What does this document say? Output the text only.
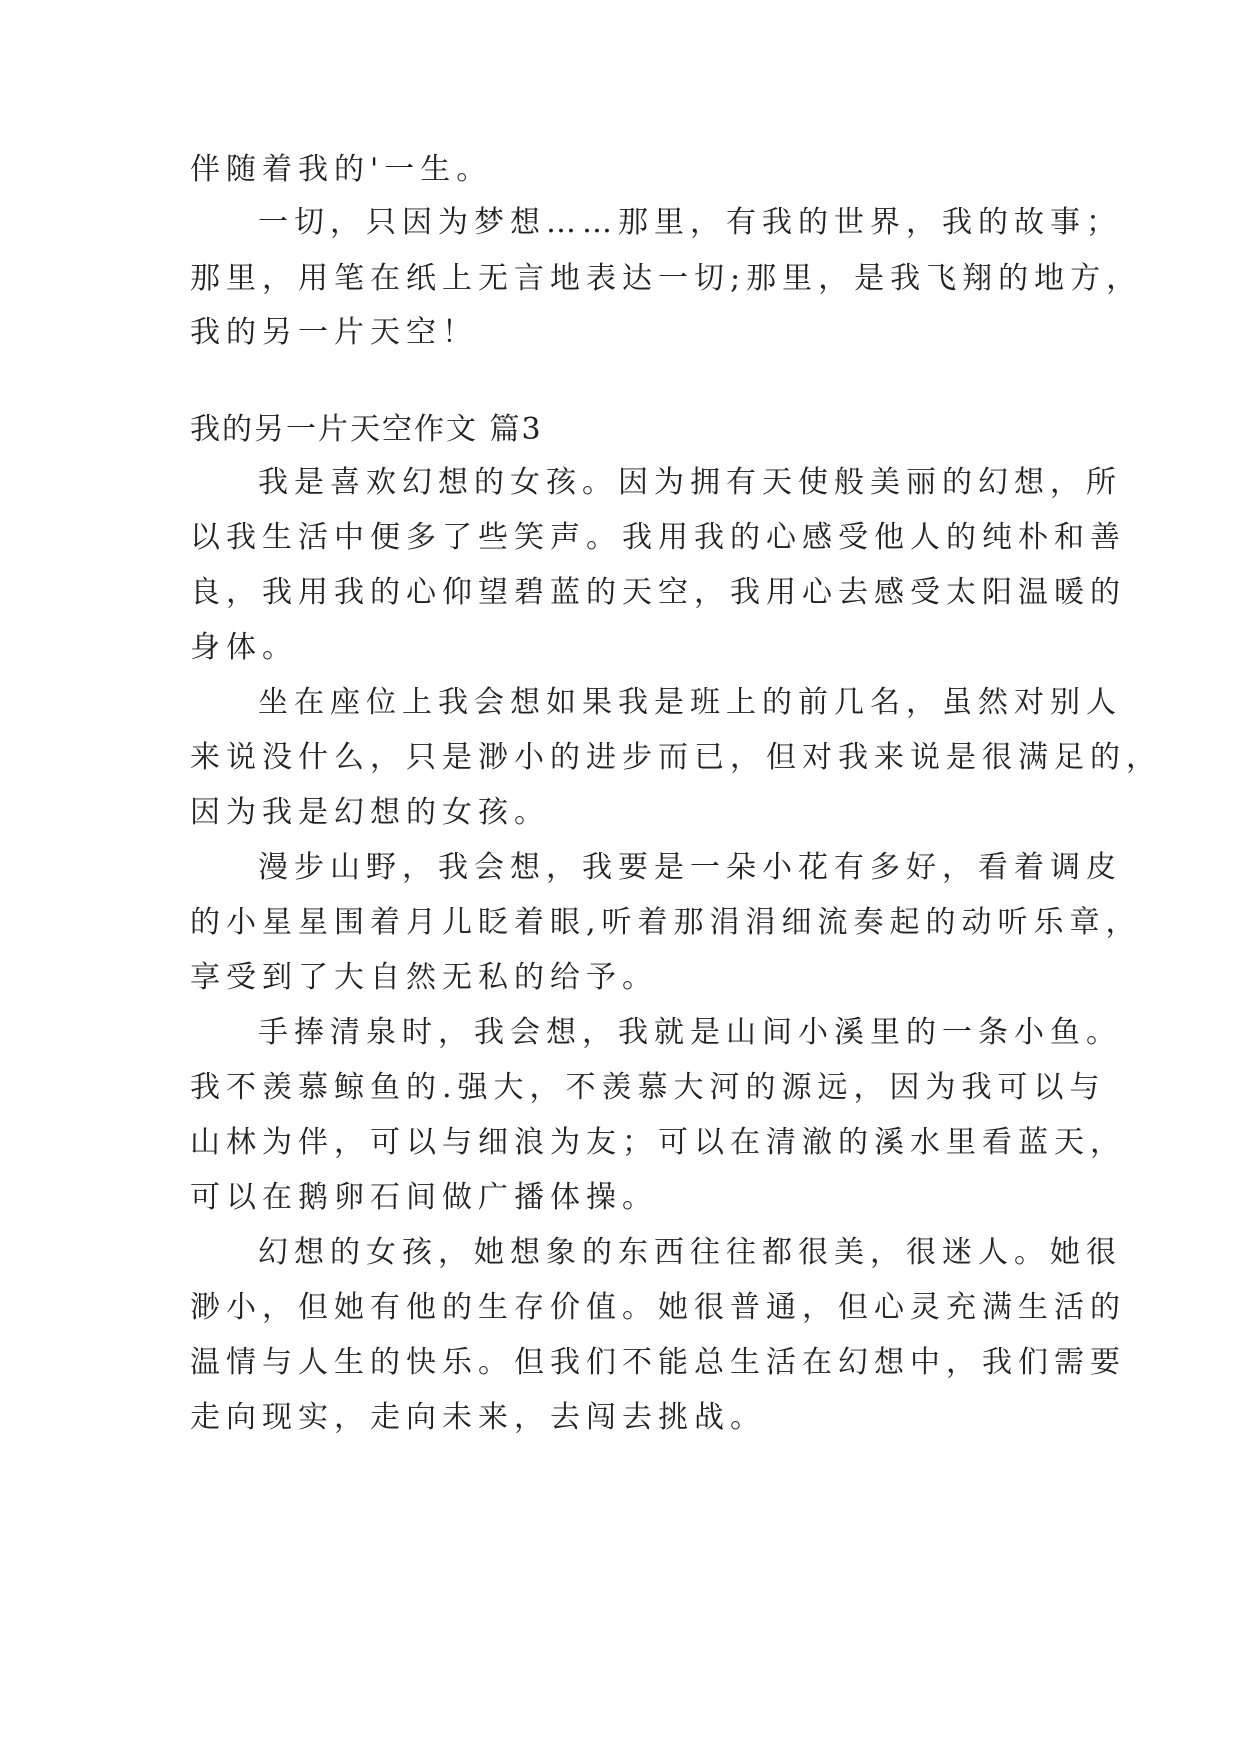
伴随着我的'一生。
一切，只因为梦想……那里，有我的世界，我的故事；
那里，用笔在纸上无言地表达一切;那里，是我飞翔的地方，
我的另一片天空！
我的另一片天空作文 篇3
我是喜欢幻想的女孩。因为拥有天使般美丽的幻想，所
以我生活中便多了些笑声。我用我的心感受他人的纯朴和善
良，我用我的心仰望碧蓝的天空，我用心去感受太阳温暖的
身体。
坐在座位上我会想如果我是班上的前几名，虽然对别人
来说没什么，只是渺小的进步而已，但对我来说是很满足的，
因为我是幻想的女孩。
漫步山野，我会想，我要是一朵小花有多好，看着调皮
的小星星围着月儿眨着眼,听着那涓涓细流奏起的动听乐章，
享受到了大自然无私的给予。
手捧清泉时，我会想，我就是山间小溪里的一条小鱼。
我不羡慕鲸鱼的.强大，不羡慕大河的源远，因为我可以与
山林为伴，可以与细浪为友；可以在清澈的溪水里看蓝天，
可以在鹅卵石间做广播体操。
幻想的女孩，她想象的东西往往都很美，很迷人。她很
渺小，但她有他的生存价值。她很普通，但心灵充满生活的
温情与人生的快乐。但我们不能总生活在幻想中，我们需要
走向现实，走向未来，去闯去挑战。
